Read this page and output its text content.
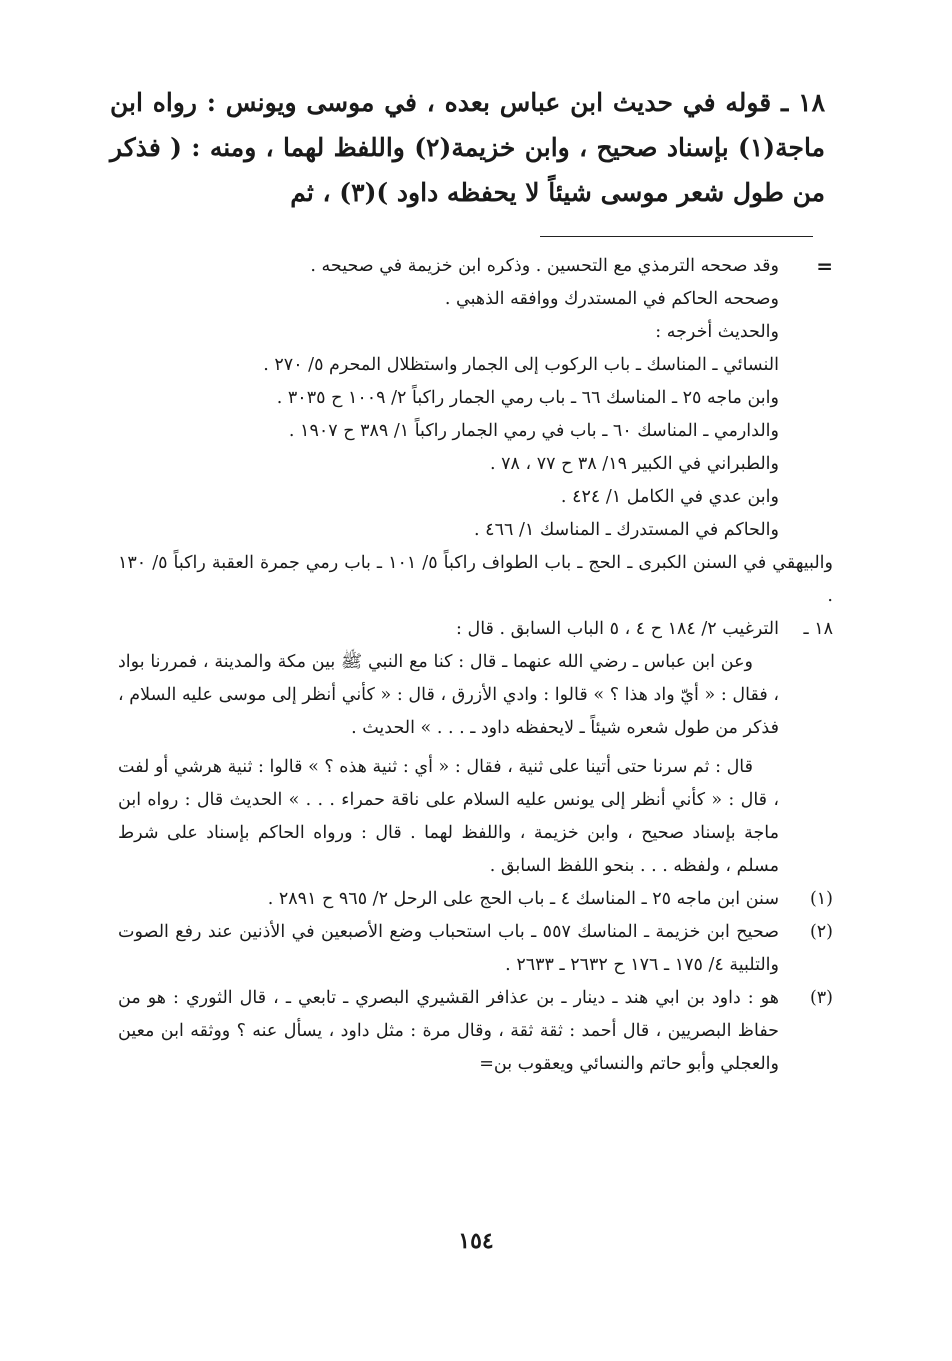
١٨ ـ قوله في حديث ابن عباس بعده ، في موسى ويونس : رواه ابن ماجة(١) بإسناد صحيح ، وابن خزيمة(٢) واللفظ لهما ، ومنه : ( فذكر من طول شعر موسى شيئاً لا يحفظه داود )(٣) ، ثم

=
وقد صححه الترمذي مع التحسين . وذكره ابن خزيمة في صحيحه .
وصححه الحاكم في المستدرك ووافقه الذهبي .
والحديث أخرجه :
النسائي ـ المناسك ـ باب الركوب إلى الجمار واستظلال المحرم ٥/ ٢٧٠ .
وابن ماجه ٢٥ ـ المناسك ٦٦ ـ باب رمي الجمار راكباً ٢/ ١٠٠٩ ح ٣٠٣٥ .
والدارمي ـ المناسك ٦٠ ـ باب في رمي الجمار راكباً ١/ ٣٨٩ ح ١٩٠٧ .
والطبراني في الكبير ١٩/ ٣٨ ح ٧٧ ، ٧٨ .
وابن عدي في الكامل ١/ ٤٢٤ .
والحاكم في المستدرك ـ المناسك ١/ ٤٦٦ .
والبيهقي في السنن الكبرى ـ الحج ـ باب الطواف راكباً ٥/ ١٠١ ـ باب رمي جمرة العقبة راكباً ٥/ ١٣٠ .
١٨ ـ
الترغيب ٢/ ١٨٤ ح ٤ ، ٥ الباب السابق . قال :
وعن ابن عباس ـ رضي الله عنهما ـ قال : كنا مع النبي ﷺ بين مكة والمدينة ، فمررنا بواد ، فقال : « أيّ واد هذا ؟ » قالوا : وادي الأزرق ، قال : « كأني أنظر إلى موسى عليه السلام ، فذكر من طول شعره شيئاً ـ لايحفظه داود ـ . . . » الحديث .
قال : ثم سرنا حتى أتينا على ثنية ، فقال : « أي : ثنية هذه ؟ » قالوا : ثنية هرشي أو لفت ، قال : « كأني أنظر إلى يونس عليه السلام على ناقة حمراء . . . » الحديث قال : رواه ابن ماجة بإسناد صحيح ، وابن خزيمة ، واللفظ لهما . قال : ورواه الحاكم بإسناد على شرط مسلم ، ولفظه . . . بنحو اللفظ السابق .
(١)
سنن ابن ماجه ٢٥ ـ المناسك ٤ ـ باب الحج على الرحل ٢/ ٩٦٥ ح ٢٨٩١ .
(٢)
صحيح ابن خزيمة ـ المناسك ٥٥٧ ـ باب استحباب وضع الأصبعين في الأذنين عند رفع الصوت والتلبية ٤/ ١٧٥ ـ ١٧٦ ح ٢٦٣٢ ـ ٢٦٣٣ .
(٣)
هو : داود بن ابي هند ـ دينار ـ بن عذافر القشيري البصري ـ تابعي ـ ، قال الثوري : هو من حفاظ البصريين ، قال أحمد : ثقة ثقة ، وقال مرة : مثل داود ، يسأل عنه ؟ ووثقه ابن معين والعجلي وأبو حاتم والنسائي ويعقوب بن=
١٥٤
